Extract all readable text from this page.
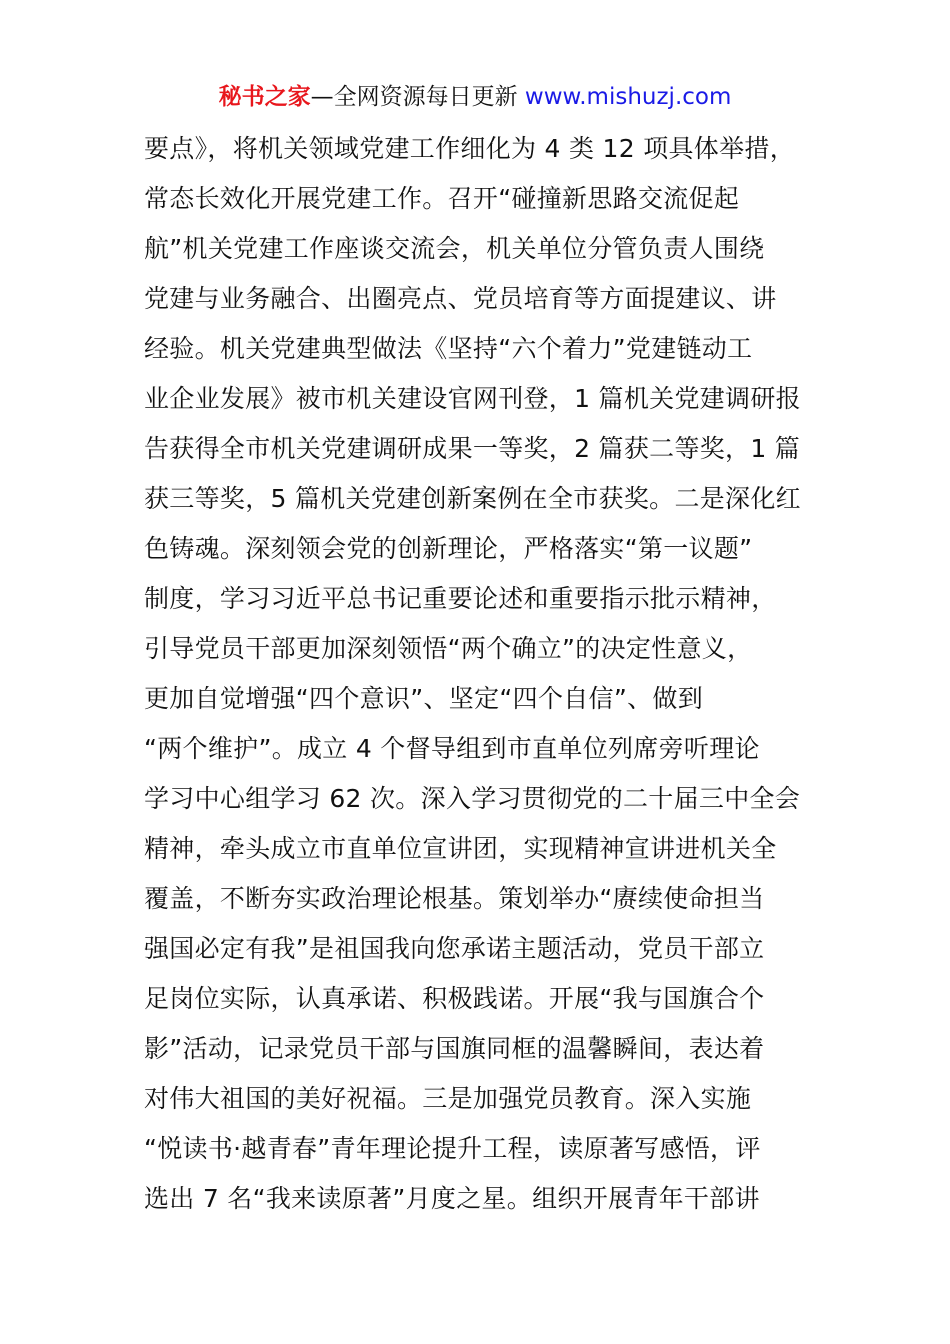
秘书之家—全网资源每日更新 www.mishuzj.com
要点》，将机关领域党建工作细化为 4 类 12 项具体举措，
常态长效化开展党建工作。召开“碰撞新思路交流促起
航”机关党建工作座谈交流会，机关单位分管负责人围绕
党建与业务融合、出圈亮点、党员培育等方面提建议、讲
经验。机关党建典型做法《坚持“六个着力”党建链动工
业企业发展》被市机关建设官网刊登，1 篇机关党建调研报
告获得全市机关党建调研成果一等奖，2 篇获二等奖，1 篇
获三等奖，5 篇机关党建创新案例在全市获奖。二是深化红
色铸魂。深刻领会党的创新理论，严格落实“第一议题”
制度，学习习近平总书记重要论述和重要指示批示精神，
引导党员干部更加深刻领悟“两个确立”的决定性意义，
更加自觉增强“四个意识”、坚定“四个自信”、做到
“两个维护”。成立 4 个督导组到市直单位列席旁听理论
学习中心组学习 62 次。深入学习贯彻党的二十届三中全会
精神，牵头成立市直单位宣讲团，实现精神宣讲进机关全
覆盖，不断夯实政治理论根基。策划举办“赓续使命担当
强国必定有我”是祖国我向您承诺主题活动，党员干部立
足岗位实际，认真承诺、积极践诺。开展“我与国旗合个
影”活动，记录党员干部与国旗同框的温馨瞬间，表达着
对伟大祖国的美好祝福。三是加强党员教育。深入实施
“悦读书·越青春”青年理论提升工程，读原著写感悟，评
选出 7 名“我来读原著”月度之星。组织开展青年干部讲
